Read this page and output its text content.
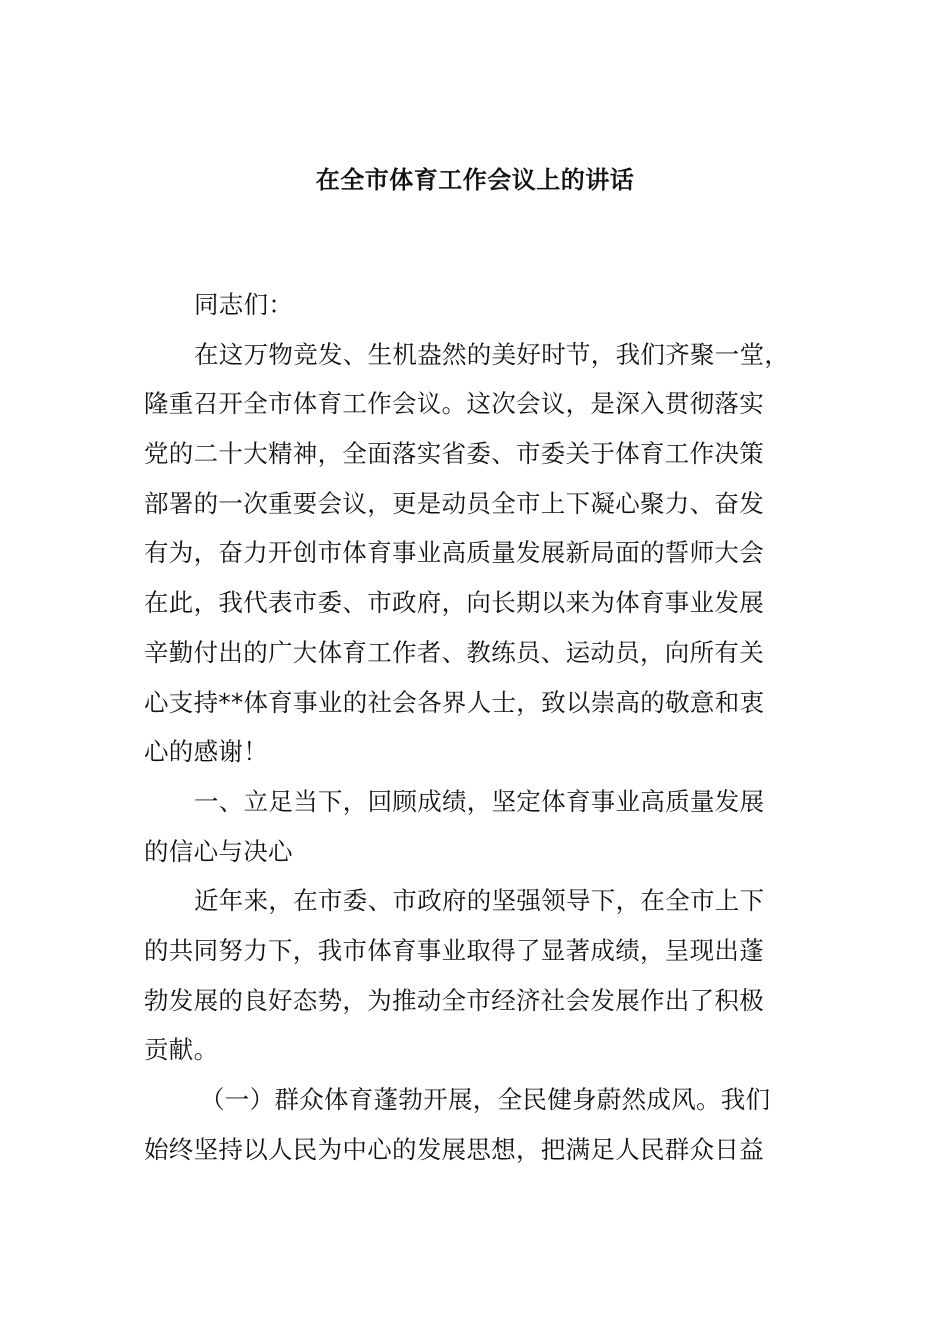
在全市体育工作会议上的讲话
同志们：
在这万物竞发、生机盎然的美好时节，我们齐聚一堂，
隆重召开全市体育工作会议。这次会议，是深入贯彻落实
党的二十大精神，全面落实省委、市委关于体育工作决策
部署的一次重要会议，更是动员全市上下凝心聚力、奋发
有为，奋力开创市体育事业高质量发展新局面的誓师大会
在此，我代表市委、市政府，向长期以来为体育事业发展
辛勤付出的广大体育工作者、教练员、运动员，向所有关
心支持**体育事业的社会各界人士，致以崇高的敬意和衷
心的感谢！
一、立足当下，回顾成绩，坚定体育事业高质量发展
的信心与决心
近年来，在市委、市政府的坚强领导下，在全市上下
的共同努力下，我市体育事业取得了显著成绩，呈现出蓬
勃发展的良好态势，为推动全市经济社会发展作出了积极
贡献。
（一）群众体育蓬勃开展，全民健身蔚然成风。我们
始终坚持以人民为中心的发展思想，把满足人民群众日益
